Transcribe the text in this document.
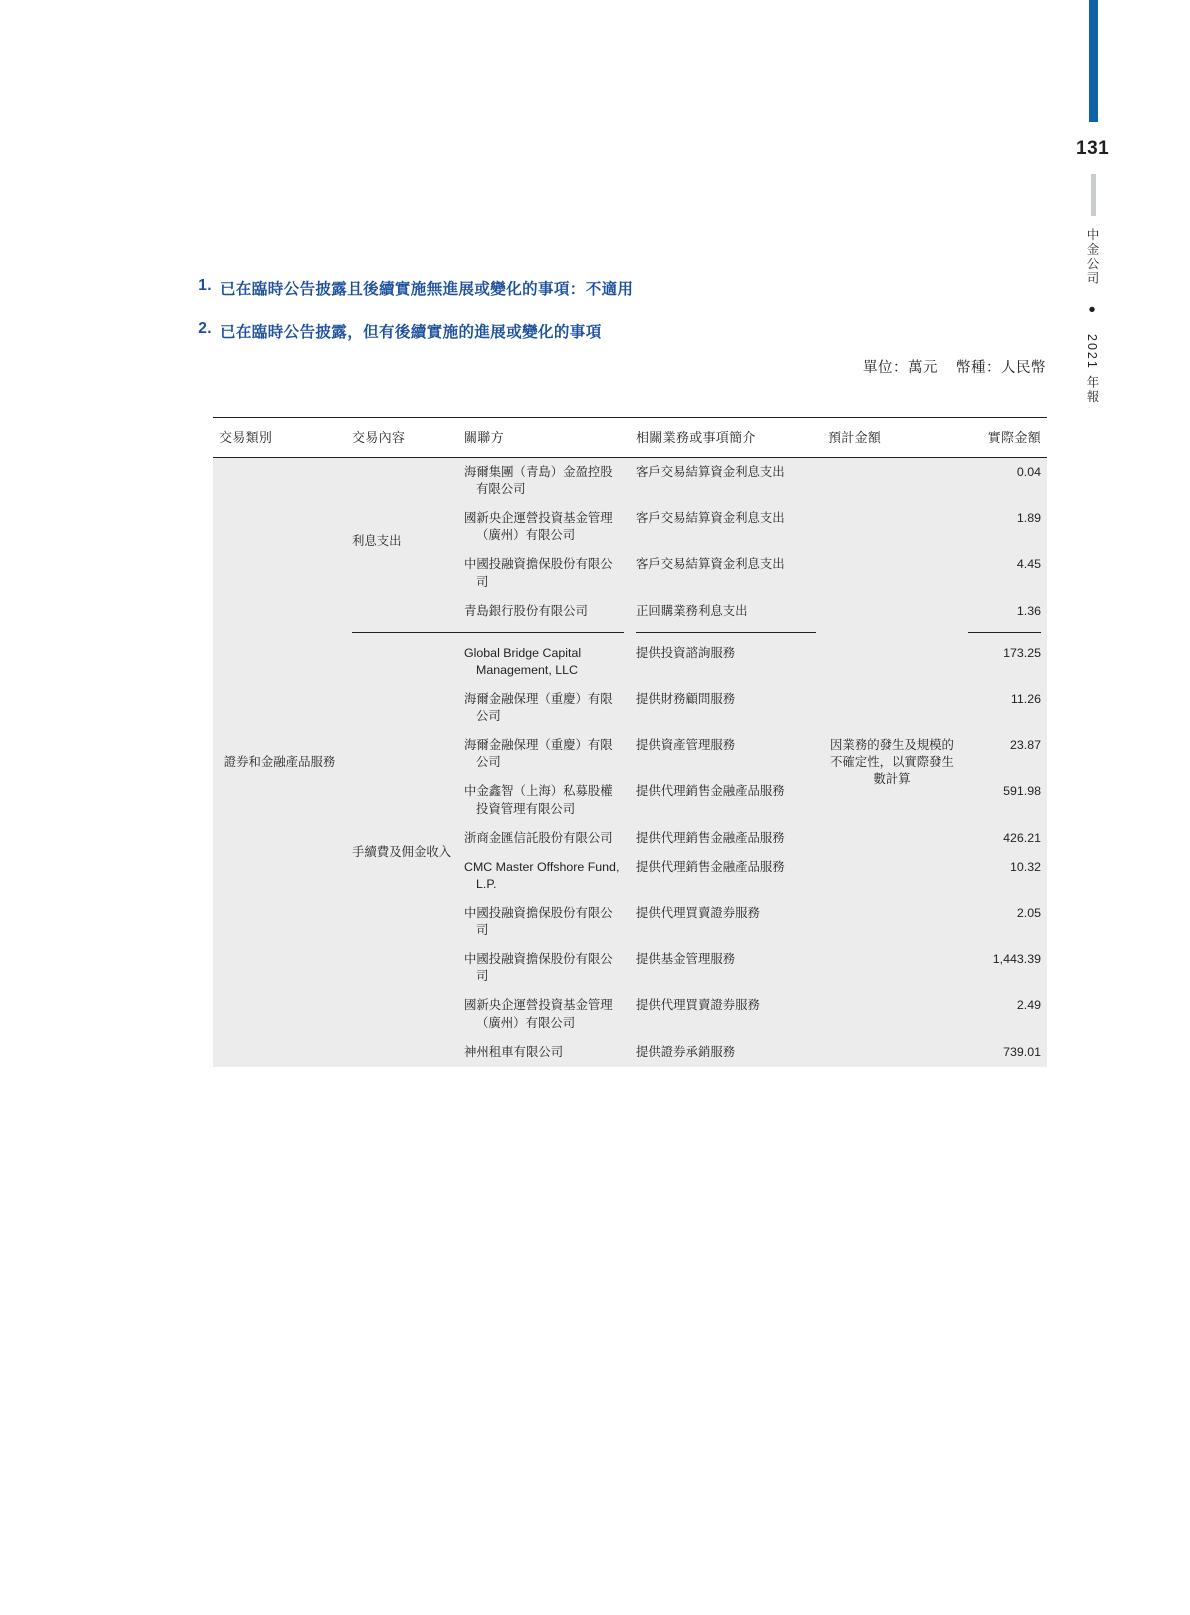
131
中金公司 ● 2021 年報
1. 已在臨時公告披露且後續實施無進展或變化的事項：不適用
2. 已在臨時公告披露，但有後續實施的進展或變化的事項
單位：萬元 幣種：人民幣
交易類別	交易內容	關聯方	相關業務或事項簡介	預計金額	實際金額	
證券和金融產品服務	利息支出	海爾集團（青島）金盈控股有限公司	客戶交易結算資金利息支出	因業務的發生及規模的不確定性，以實際發生數計算	0.04	

		國新央企運營投資基金管理（廣州）有限公司	客戶交易結算資金利息支出		1.89	

		中國投融資擔保股份有限公司	客戶交易結算資金利息支出		4.45	

		青島銀行股份有限公司	正回購業務利息支出		1.36	

	手續費及佣金收入	Global Bridge Capital Management, LLC	提供投資諮詢服務		173.25	

		海爾金融保理（重慶）有限公司	提供財務顧問服務		11.26	

		海爾金融保理（重慶）有限公司	提供資產管理服務		23.87	

		中金鑫智（上海）私募股權投資管理有限公司	提供代理銷售金融產品服務		591.98	

		浙商金匯信託股份有限公司	提供代理銷售金融產品服務		426.21	

		CMC Master Offshore Fund, L.P.	提供代理銷售金融產品服務		10.32	

		中國投融資擔保股份有限公司	提供代理買賣證券服務		2.05	

		中國投融資擔保股份有限公司	提供基金管理服務		1,443.39	

		國新央企運營投資基金管理（廣州）有限公司	提供代理買賣證券服務		2.49	

		神州租車有限公司	提供證券承銷服務		739.01	
